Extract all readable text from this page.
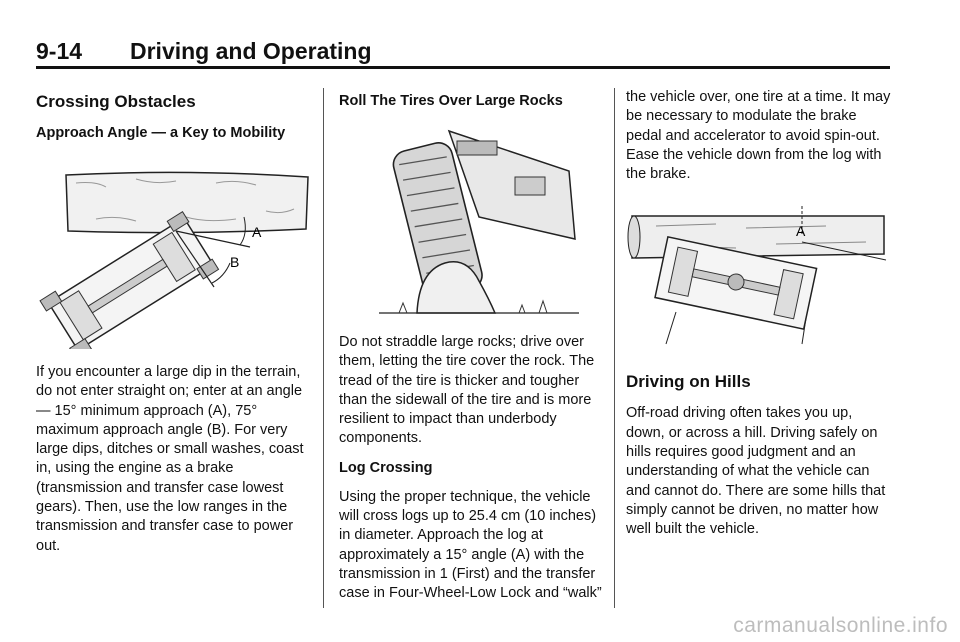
9-14 Driving and Operating
Crossing Obstacles
Approach Angle — a Key to Mobility
A
B

If you encounter a large dip in the terrain, do not enter straight on; enter at an angle — 15° minimum approach (A), 75° maximum approach angle (B). For very large dips, ditches or small washes, coast in, using the engine as a brake (transmission and transfer case lowest gears). Then, use the low ranges in the transmission and transfer case to power out.

Roll The Tires Over Large Rocks

Do not straddle large rocks; drive over them, letting the tire cover the rock. The tread of the tire is thicker and tougher than the sidewall of the tire and is more resilient to impact than underbody components.

Log Crossing

Using the proper technique, the vehicle will cross logs up to 25.4 cm (10 inches) in diameter. Approach the log at approximately a 15° angle (A) with the transmission in 1 (First) and the transfer case in Four-Wheel-Low Lock and “walk”

the vehicle over, one tire at a time. It may be necessary to modulate the brake pedal and accelerator to avoid spin-out. Ease the vehicle down from the log with the brake.

A
Driving on Hills

Off-road driving often takes you up, down, or across a hill. Driving safely on hills requires good judgment and an understanding of what the vehicle can and cannot do. There are some hills that simply cannot be driven, no matter how well built the vehicle.

carmanualsonline.info
